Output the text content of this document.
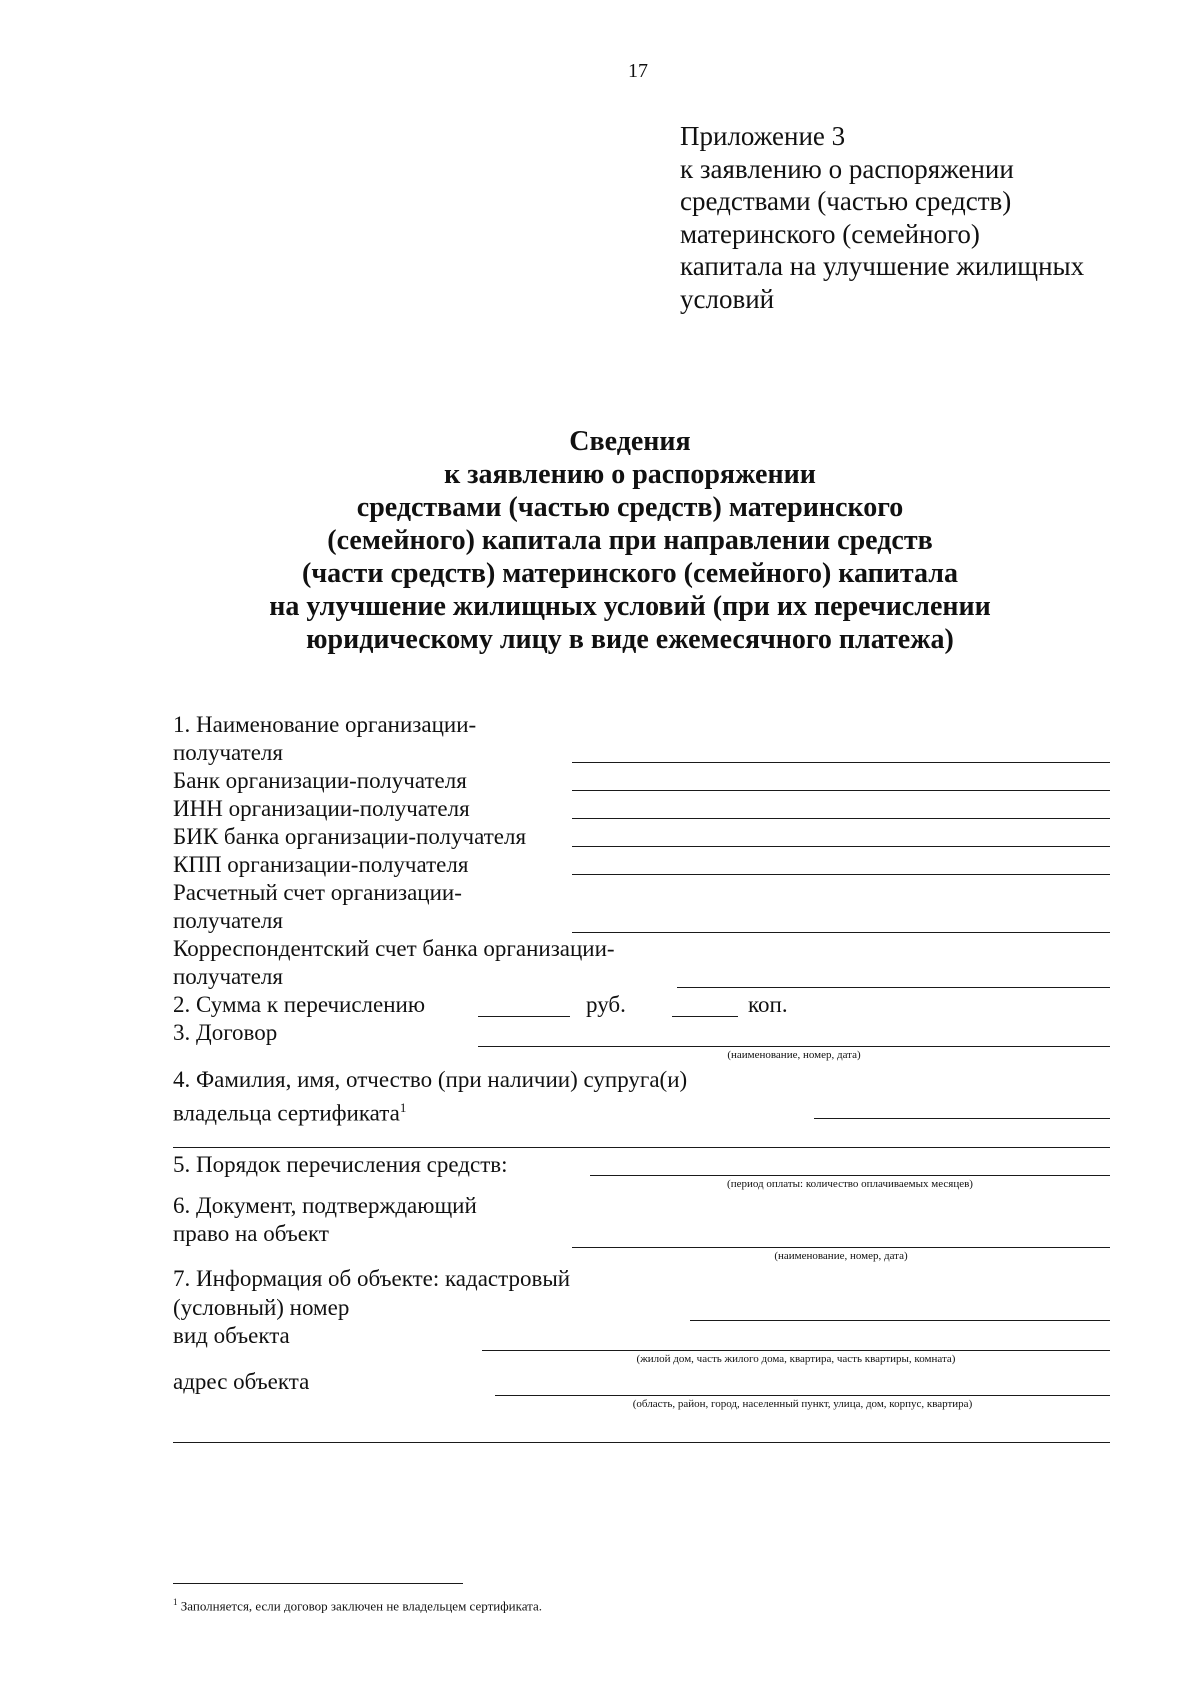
17
Приложение 3
к заявлению о распоряжении
средствами (частью средств)
материнского (семейного)
капитала на улучшение жилищных
условий
Сведения
к заявлению о распоряжении
средствами (частью средств) материнского
(семейного) капитала при направлении средств
(части средств) материнского (семейного) капитала
на улучшение жилищных условий (при их перечислении
юридическому лицу в виде ежемесячного платежа)
1. Наименование организации-
получателя
Банк организации-получателя
ИНН организации-получателя
БИК банка организации-получателя
КПП организации-получателя
Расчетный счет организации-
получателя
Корреспондентский счет банка организации-
получателя
2. Сумма к перечислению	руб.	коп.
3. Договор
(наименование, номер, дата)
4. Фамилия, имя, отчество (при наличии) супруга(и)
владельца сертификата$^1$
5. Порядок перечисления средств:
(период оплаты: количество оплачиваемых месяцев)
6. Документ, подтверждающий
право на объект
(наименование, номер, дата)
7. Информация об объекте: кадастровый
(условный) номер
вид объекта
(жилой дом, часть жилого дома, квартира, часть квартиры, комната)
адрес объекта
(область, район, город, населенный пункт, улица, дом, корпус, квартира)
$^1$ Заполняется, если договор заключен не владельцем сертификата.
